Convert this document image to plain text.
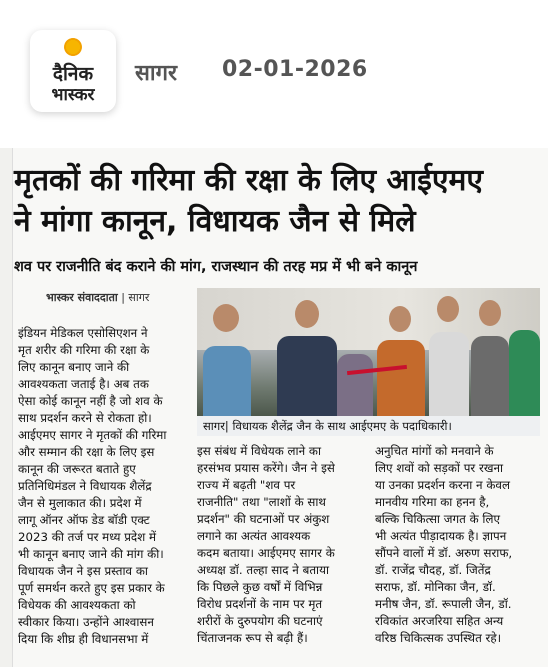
दैनिक
भास्कर
सागर 02-01-2026
मृतकों की गरिमा की रक्षा के लिए आईएमए
ने मांगा कानून, विधायक जैन से मिले
शव पर राजनीति बंद कराने की मांग, राजस्थान की तरह मप्र में भी बने कानून
भास्कर संवाददाता | सागर
सागर| विधायक शैलेंद्र जैन के साथ आईएमए के पदाधिकारी।
इंडियन मेडिकल एसोसिएशन ने
मृत शरीर की गरिमा की रक्षा के
लिए कानून बनाए जाने की
आवश्यकता जताई है। अब तक
ऐसा कोई कानून नहीं है जो शव के
साथ प्रदर्शन करने से रोकता हो।
आईएमए सागर ने मृतकों की गरिमा
और सम्मान की रक्षा के लिए इस
कानून की जरूरत बताते हुए
प्रतिनिधिमंडल ने विधायक शैलेंद्र
जैन से मुलाकात की। प्रदेश में
लागू ऑनर ऑफ डेड बॉडी एक्ट
2023 की तर्ज पर मध्य प्रदेश में
भी कानून बनाए जाने की मांग की।
विधायक जैन ने इस प्रस्ताव का
पूर्ण समर्थन करते हुए इस प्रकार के
विधेयक की आवश्यकता को
स्वीकार किया। उन्होंने आश्वासन
दिया कि शीघ्र ही विधानसभा में
इस संबंध में विधेयक लाने का
हरसंभव प्रयास करेंगे। जैन ने इसे
राज्य में बढ़ती "शव पर
राजनीति" तथा "लाशों के साथ
प्रदर्शन" की घटनाओं पर अंकुश
लगाने का अत्यंत आवश्यक
कदम बताया। आईएमए सागर के
अध्यक्ष डॉ. तल्हा साद ने बताया
कि पिछले कुछ वर्षों में विभिन्न
विरोध प्रदर्शनों के नाम पर मृत
शरीरों के दुरुपयोग की घटनाएं
चिंताजनक रूप से बढ़ी हैं।
अनुचित मांगों को मनवाने के
लिए शवों को सड़कों पर रखना
या उनका प्रदर्शन करना न केवल
मानवीय गरिमा का हनन है,
बल्कि चिकित्सा जगत के लिए
भी अत्यंत पीड़ादायक है। ज्ञापन
सौंपने वालों में डॉ. अरुण सराफ,
डॉ. राजेंद्र चौदह, डॉ. जितेंद्र
सराफ, डॉ. मोनिका जैन, डॉ.
मनीष जैन, डॉ. रूपाली जैन, डॉ.
रविकांत अरजरिया सहित अन्य
वरिष्ठ चिकित्सक उपस्थित रहे।
